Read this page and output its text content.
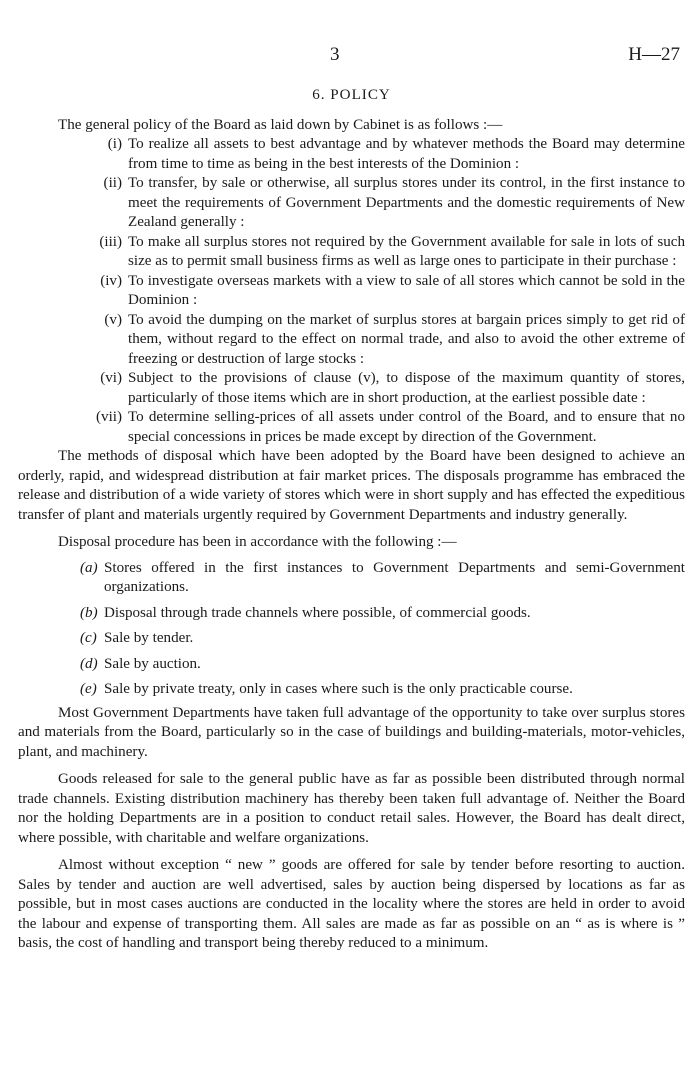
3	H—27
6. POLICY

The general policy of the Board as laid down by Cabinet is as follows :—

(i) To realize all assets to best advantage and by whatever methods the Board may determine from time to time as being in the best interests of the Dominion :
(ii) To transfer, by sale or otherwise, all surplus stores under its control, in the first instance to meet the requirements of Government Departments and the domestic requirements of New Zealand generally :
(iii) To make all surplus stores not required by the Government available for sale in lots of such size as to permit small business firms as well as large ones to participate in their purchase :
(iv) To investigate overseas markets with a view to sale of all stores which cannot be sold in the Dominion :
(v) To avoid the dumping on the market of surplus stores at bargain prices simply to get rid of them, without regard to the effect on normal trade, and also to avoid the other extreme of freezing or destruction of large stocks :
(vi) Subject to the provisions of clause (v), to dispose of the maximum quantity of stores, particularly of those items which are in short production, at the earliest possible date :
(vii) To determine selling-prices of all assets under control of the Board, and to ensure that no special concessions in prices be made except by direction of the Government.

The methods of disposal which have been adopted by the Board have been designed to achieve an orderly, rapid, and widespread distribution at fair market prices. The disposals programme has embraced the release and distribution of a wide variety of stores which were in short supply and has effected the expeditious transfer of plant and materials urgently required by Government Departments and industry generally.

Disposal procedure has been in accordance with the following :—

(a) Stores offered in the first instances to Government Departments and semi-Government organizations.
(b) Disposal through trade channels where possible, of commercial goods.
(c) Sale by tender.
(d) Sale by auction.
(e) Sale by private treaty, only in cases where such is the only practicable course.

Most Government Departments have taken full advantage of the opportunity to take over surplus stores and materials from the Board, particularly so in the case of buildings and building-materials, motor-vehicles, plant, and machinery.

Goods released for sale to the general public have as far as possible been distributed through normal trade channels. Existing distribution machinery has thereby been taken full advantage of. Neither the Board nor the holding Departments are in a position to conduct retail sales. However, the Board has dealt direct, where possible, with charitable and welfare organizations.

Almost without exception “ new ” goods are offered for sale by tender before resorting to auction. Sales by tender and auction are well advertised, sales by auction being dispersed by locations as far as possible, but in most cases auctions are conducted in the locality where the stores are held in order to avoid the labour and expense of transporting them. All sales are made as far as possible on an “ as is where is ” basis, the cost of handling and transport being thereby reduced to a minimum.
